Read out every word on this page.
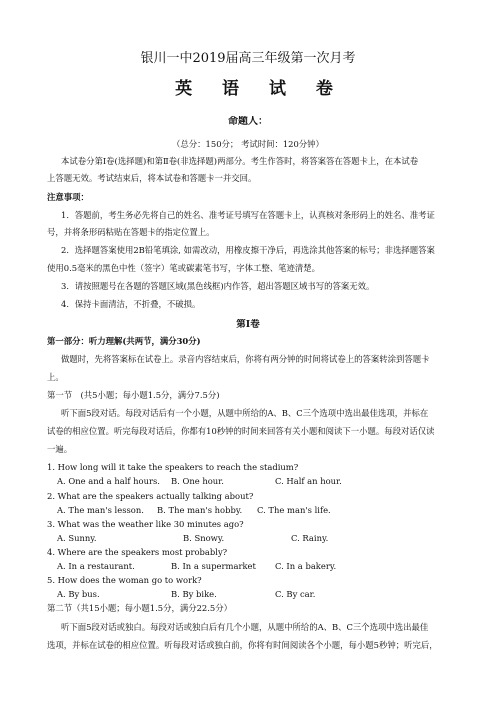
银川一中2019届高三年级第一次月考
英 语 试 卷
命题人：
（总分：150分； 考试时间：120分钟）
本试卷分第Ⅰ卷(选择题)和第Ⅱ卷(非选择题)两部分。考生作答时，将答案答在答题卡上，在本试卷
上答题无效。考试结束后，将本试卷和答题卡一并交回。
注意事项：
1．答题前，考生务必先将自己的姓名、准考证号填写在答题卡上，认真核对条形码上的姓名、准考证
号，并将条形码粘贴在答题卡的指定位置上。
2．选择题答案使用2B铅笔填涂, 如需改动，用橡皮擦干净后，再选涂其他答案的标号；非选择题答案
使用0.5毫米的黑色中性（签字）笔或碳素笔书写，字体工整、笔迹清楚。
3．请按照题号在各题的答题区域(黑色线框)内作答，超出答题区域书写的答案无效。
4．保持卡面清洁，不折叠，不破损。
第Ⅰ卷
第一部分：听力理解(共两节，满分30分)
做题时，先将答案标在试卷上。录音内容结束后，你将有两分钟的时间将试卷上的答案转涂到答题卡
上。
第一节　(共5小题；每小题1.5分，满分7.5分)
听下面5段对话。每段对话后有一个小题，从题中所给的A、B、C三个选项中选出最佳选项，并标在
试卷的相应位置。听完每段对话后，你都有10秒钟的时间来回答有关小题和阅读下一小题。每段对话仅读
一遍。
1. How long will it take the speakers to reach the stadium?
A. One and a half hours. B. One hour.	C. Half an hour.
2. What are the speakers actually talking about?
A. The man's lesson. B. The man's hobby. C. The man's life.
3. What was the weather like 30 minutes ago?
A. Sunny.	B. Snowy.	C. Rainy.
4. Where are the speakers most probably?
A. In a restaurant.	B. In a supermarket C. In a bakery.
5. How does the woman go to work?
A. By bus.	B. By bike.	C. By car.
第二节（共15小题；每小题1.5分，满分22.5分）
听下面5段对话或独白。每段对话或独白后有几个小题，从题中所给的A、B、C三个选项中选出最佳
选项，并标在试卷的相应位置。听每段对话或独白前，你将有时间阅读各个小题，每小题5秒钟；听完后，
